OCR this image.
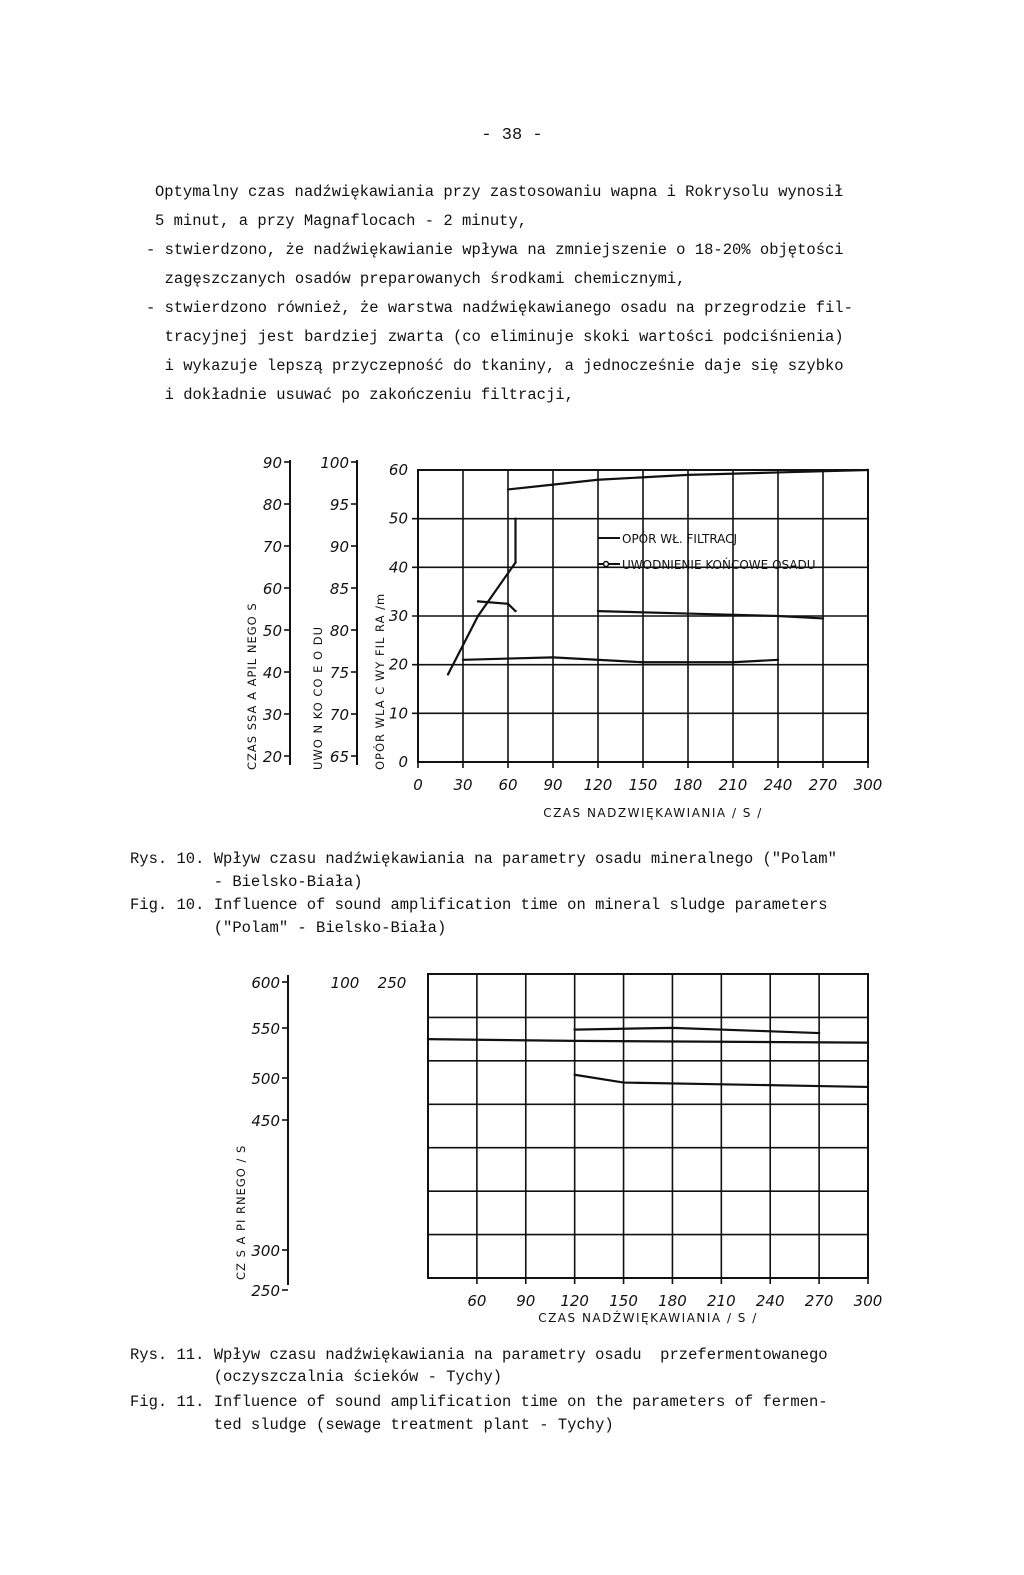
- 38 -
Optymalny czas nadźwiękawiania przy zastosowaniu wapna i Rokrysolu wynosił
5 minut, a przy Magnaflocach - 2 minuty,
- stwierdzono, że nadźwiękawianie wpływa na zmniejszenie o 18-20% objętości
zagęszczanych osadów preparowanych środkami chemicznymi,
- stwierdzono również, że warstwa nadźwiękawianego osadu na przegrodzie fil-
tracyjnej jest bardziej zwarta (co eliminuje skoki wartości podciśnienia)
i wykazuje lepszą przyczepność do tkaniny, a jednocześnie daje się szybko
i dokładnie usuwać po zakończeniu filtracji,
CZAS SSA A APIL NEGO S	UWO N KO CO E O DU	OPÓR WLA C WY FIL RA /m
90
80
70
60
50
40
30
20
100
95
90
85
80
75
70
65
0 30 60 90 120 150 180 210 240 270 300
60
50
40
30
20
10
0
CZAS NADZWIĘKAWIANIA / S /
OPÓR WŁ. FILTRACJ
UWODNIENIE KOŃCOWE OSADU
Rys. 10. Wpływ czasu nadźwiękawiania na parametry osadu mineralnego ("Polam"
- Bielsko-Biała)
Fig. 10. Influence of sound amplification time on mineral sludge parameters
("Polam" - Bielsko-Biała)
CZ S A PI RNEGO / S
600
550
500
450
300
250
100 250
60 90 120 150 180 210 240 270 300
CZAS NADŹWIĘKAWIANIA / S /
Rys. 11. Wpływ czasu nadźwiękawiania na parametry osadu  przefermentowanego
(oczyszczalnia ścieków - Tychy)
Fig. 11. Influence of sound amplification time on the parameters of fermen-
ted sludge (sewage treatment plant - Tychy)
